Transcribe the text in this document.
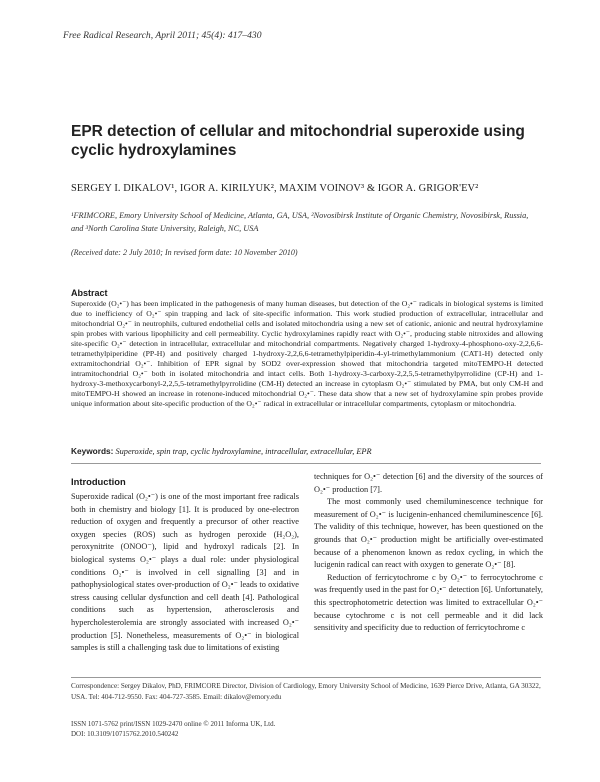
Free Radical Research, April 2011; 45(4): 417–430
EPR detection of cellular and mitochondrial superoxide using cyclic hydroxylamines
SERGEY I. DIKALOV¹, IGOR A. KIRILYUK², MAXIM VOINOV³ & IGOR A. GRIGOR'EV²
¹FRIMCORE, Emory University School of Medicine, Atlanta, GA, USA, ²Novosibirsk Institute of Organic Chemistry, Novosibirsk, Russia, and ³North Carolina State University, Raleigh, NC, USA
(Received date: 2 July 2010; In revised form date: 10 November 2010)
Abstract
Superoxide (O₂•⁻) has been implicated in the pathogenesis of many human diseases, but detection of the O₂•⁻ radicals in biological systems is limited due to inefficiency of O₂•⁻ spin trapping and lack of site-specific information. This work studied production of extracellular, intracellular and mitochondrial O₂•⁻ in neutrophils, cultured endothelial cells and isolated mitochondria using a new set of cationic, anionic and neutral hydroxylamine spin probes with various lipophilicity and cell permeability. Cyclic hydroxylamines rapidly react with O₂•⁻, producing stable nitroxides and allowing site-specific O₂•⁻ detection in intracellular, extracellular and mitochondrial compartments. Negatively charged 1-hydroxy-4-phosphono-oxy-2,2,6,6-tetramethylpiperidine (PP-H) and positively charged 1-hydroxy-2,2,6,6-tetramethylpiperidin-4-yl-trimethylammonium (CAT1-H) detected only extramitochondrial O₂•⁻. Inhibition of EPR signal by SOD2 over-expression showed that mitochondria targeted mitoTEMPO-H detected intramitochondrial O₂•⁻ both in isolated mitochondria and intact cells. Both 1-hydroxy-3-carboxy-2,2,5,5-tetramethylpyrrolidine (CP-H) and 1-hydroxy-3-methoxycarbonyl-2,2,5,5-tetramethylpyrrolidine (CM-H) detected an increase in cytoplasm O₂•⁻ stimulated by PMA, but only CM-H and mitoTEMPO-H showed an increase in rotenone-induced mitochondrial O₂•⁻. These data show that a new set of hydroxylamine spin probes provide unique information about site-specific production of the O₂•⁻ radical in extracellular or intracellular compartments, cytoplasm or mitochondria.
Keywords: Superoxide, spin trap, cyclic hydroxylamine, intracellular, extracellular, EPR
Introduction

Superoxide radical (O₂•⁻) is one of the most important free radicals both in chemistry and biology [1]. It is produced by one-electron reduction of oxygen and frequently a precursor of other reactive oxygen species (ROS) such as hydrogen peroxide (H₂O₂), peroxynitrite (ONOO⁻), lipid and hydroxyl radicals [2]. In biological systems O₂•⁻ plays a dual role: under physiological conditions O₂•⁻ is involved in cell signalling [3] and in pathophysiological states over-production of O₂•⁻ leads to oxidative stress causing cellular dysfunction and cell death [4]. Pathological conditions such as hypertension, atherosclerosis and hypercholesterolemia are strongly associated with increased O₂•⁻ production [5]. Nonetheless, measurements of O₂•⁻ in biological samples is still a challenging task due to limitations of existing

techniques for O₂•⁻ detection [6] and the diversity of the sources of O₂•⁻ production [7].

The most commonly used chemiluminescence technique for measurement of O₂•⁻ is lucigenin-enhanced chemiluminescence [6]. The validity of this technique, however, has been questioned on the grounds that O₂•⁻ production might be artificially over-estimated because of a phenomenon known as redox cycling, in which the lucigenin radical can react with oxygen to generate O₂•⁻ [8].

Reduction of ferricytochrome c by O₂•⁻ to ferrocytochrome c was frequently used in the past for O₂•⁻ detection [6]. Unfortunately, this spectrophotometric detection was limited to extracellular O₂•⁻ because cytochrome c is not cell permeable and it did lack sensitivity and specificity due to reduction of ferricytochrome c

Correspondence: Sergey Dikalov, PhD, FRIMCORE Director, Division of Cardiology, Emory University School of Medicine, 1639 Pierce Drive, Atlanta, GA 30322, USA. Tel: 404-712-9550. Fax: 404-727-3585. Email: dikalov@emory.edu
ISSN 1071-5762 print/ISSN 1029-2470 online © 2011 Informa UK, Ltd.
DOI: 10.3109/10715762.2010.540242
